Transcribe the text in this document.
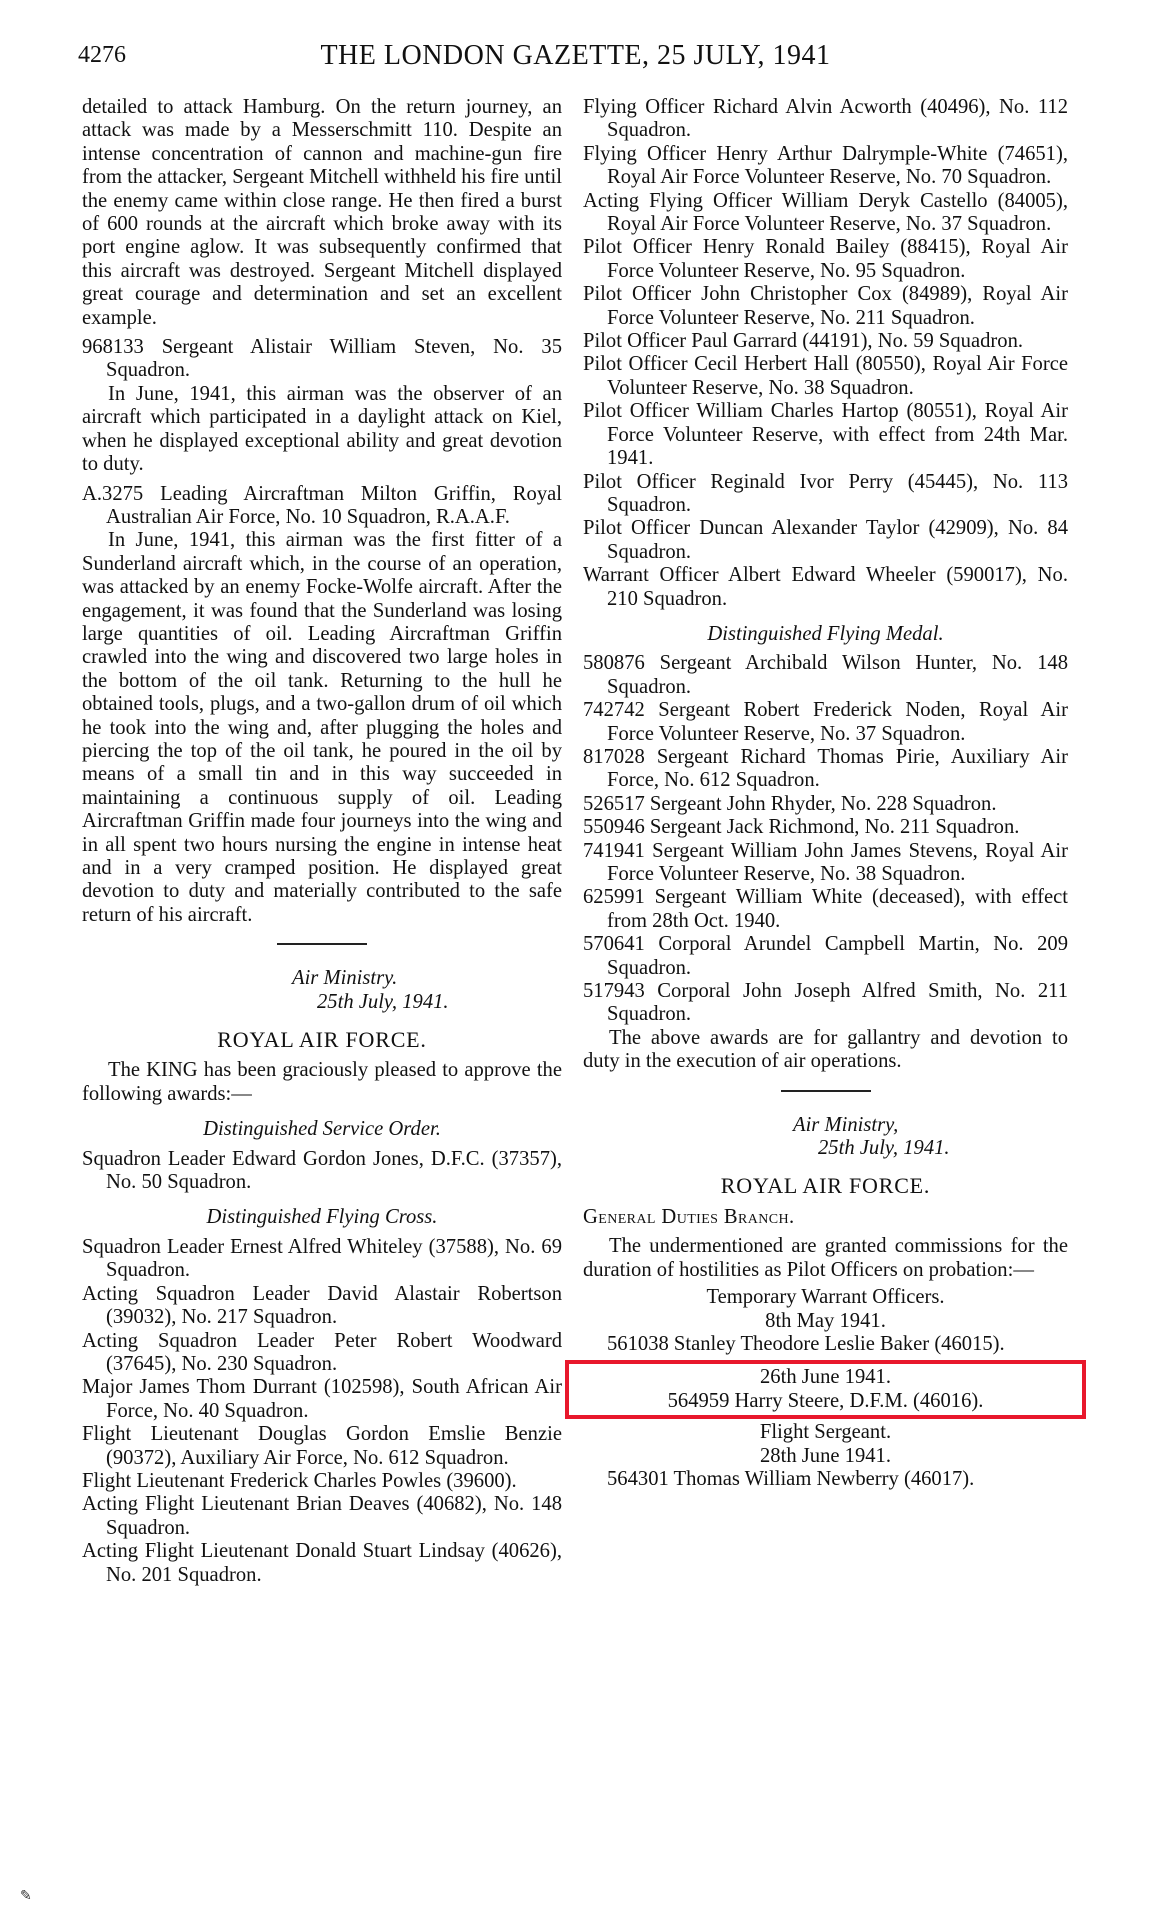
4276	THE LONDON GAZETTE, 25 JULY, 1941

detailed to attack Hamburg. On the return journey, an attack was made by a Messerschmitt 110. Despite an intense concentration of cannon and machine-gun fire from the attacker, Sergeant Mitchell withheld his fire until the enemy came within close range. He then fired a burst of 600 rounds at the aircraft which broke away with its port engine aglow. It was subsequently confirmed that this aircraft was destroyed. Sergeant Mitchell displayed great courage and determination and set an excellent example.

968133 Sergeant Alistair William Steven, No. 35 Squadron.

In June, 1941, this airman was the observer of an aircraft which participated in a daylight attack on Kiel, when he displayed exceptional ability and great devotion to duty.

A.3275 Leading Aircraftman Milton Griffin, Royal Australian Air Force, No. 10 Squadron, R.A.A.F.

In June, 1941, this airman was the first fitter of a Sunderland aircraft which, in the course of an operation, was attacked by an enemy Focke-Wolfe aircraft. After the engagement, it was found that the Sunderland was losing large quantities of oil. Leading Aircraftman Griffin crawled into the wing and discovered two large holes in the bottom of the oil tank. Returning to the hull he obtained tools, plugs, and a two-gallon drum of oil which he took into the wing and, after plugging the holes and piercing the top of the oil tank, he poured in the oil by means of a small tin and in this way succeeded in maintaining a continuous supply of oil. Leading Aircraftman Griffin made four journeys into the wing and in all spent two hours nursing the engine in intense heat and in a very cramped position. He displayed great devotion to duty and materially contributed to the safe return of his aircraft.

Air Ministry.

25th July, 1941.

ROYAL AIR FORCE.

The KING has been graciously pleased to approve the following awards:—

Distinguished Service Order.

Squadron Leader Edward Gordon Jones, D.F.C. (37357), No. 50 Squadron.

Distinguished Flying Cross.

Squadron Leader Ernest Alfred Whiteley (37588), No. 69 Squadron.

Acting Squadron Leader David Alastair Robertson (39032), No. 217 Squadron.

Acting Squadron Leader Peter Robert Woodward (37645), No. 230 Squadron.

Major James Thom Durrant (102598), South African Air Force, No. 40 Squadron.

Flight Lieutenant Douglas Gordon Emslie Benzie (90372), Auxiliary Air Force, No. 612 Squadron.

Flight Lieutenant Frederick Charles Powles (39600).

Acting Flight Lieutenant Brian Deaves (40682), No. 148 Squadron.

Acting Flight Lieutenant Donald Stuart Lindsay (40626), No. 201 Squadron.

Flying Officer Richard Alvin Acworth (40496), No. 112 Squadron.

Flying Officer Henry Arthur Dalrymple-White (74651), Royal Air Force Volunteer Reserve, No. 70 Squadron.

Acting Flying Officer William Deryk Castello (84005), Royal Air Force Volunteer Reserve, No. 37 Squadron.

Pilot Officer Henry Ronald Bailey (88415), Royal Air Force Volunteer Reserve, No. 95 Squadron.

Pilot Officer John Christopher Cox (84989), Royal Air Force Volunteer Reserve, No. 211 Squadron.

Pilot Officer Paul Garrard (44191), No. 59 Squadron.

Pilot Officer Cecil Herbert Hall (80550), Royal Air Force Volunteer Reserve, No. 38 Squadron.

Pilot Officer William Charles Hartop (80551), Royal Air Force Volunteer Reserve, with effect from 24th Mar. 1941.

Pilot Officer Reginald Ivor Perry (45445), No. 113 Squadron.

Pilot Officer Duncan Alexander Taylor (42909), No. 84 Squadron.

Warrant Officer Albert Edward Wheeler (590017), No. 210 Squadron.

Distinguished Flying Medal.

580876 Sergeant Archibald Wilson Hunter, No. 148 Squadron.

742742 Sergeant Robert Frederick Noden, Royal Air Force Volunteer Reserve, No. 37 Squadron.

817028 Sergeant Richard Thomas Pirie, Auxiliary Air Force, No. 612 Squadron.

526517 Sergeant John Rhyder, No. 228 Squadron.

550946 Sergeant Jack Richmond, No. 211 Squadron.

741941 Sergeant William John James Stevens, Royal Air Force Volunteer Reserve, No. 38 Squadron.

625991 Sergeant William White (deceased), with effect from 28th Oct. 1940.

570641 Corporal Arundel Campbell Martin, No. 209 Squadron.

517943 Corporal John Joseph Alfred Smith, No. 211 Squadron.

The above awards are for gallantry and devotion to duty in the execution of air operations.

Air Ministry,

25th July, 1941.

ROYAL AIR FORCE.

General Duties Branch.

The undermentioned are granted commissions for the duration of hostilities as Pilot Officers on probation:—

Temporary Warrant Officers.

8th May 1941.

561038 Stanley Theodore Leslie Baker (46015).

26th June 1941.

564959 Harry Steere, D.F.M. (46016).

Flight Sergeant.

28th June 1941.

564301 Thomas William Newberry (46017).

✎
